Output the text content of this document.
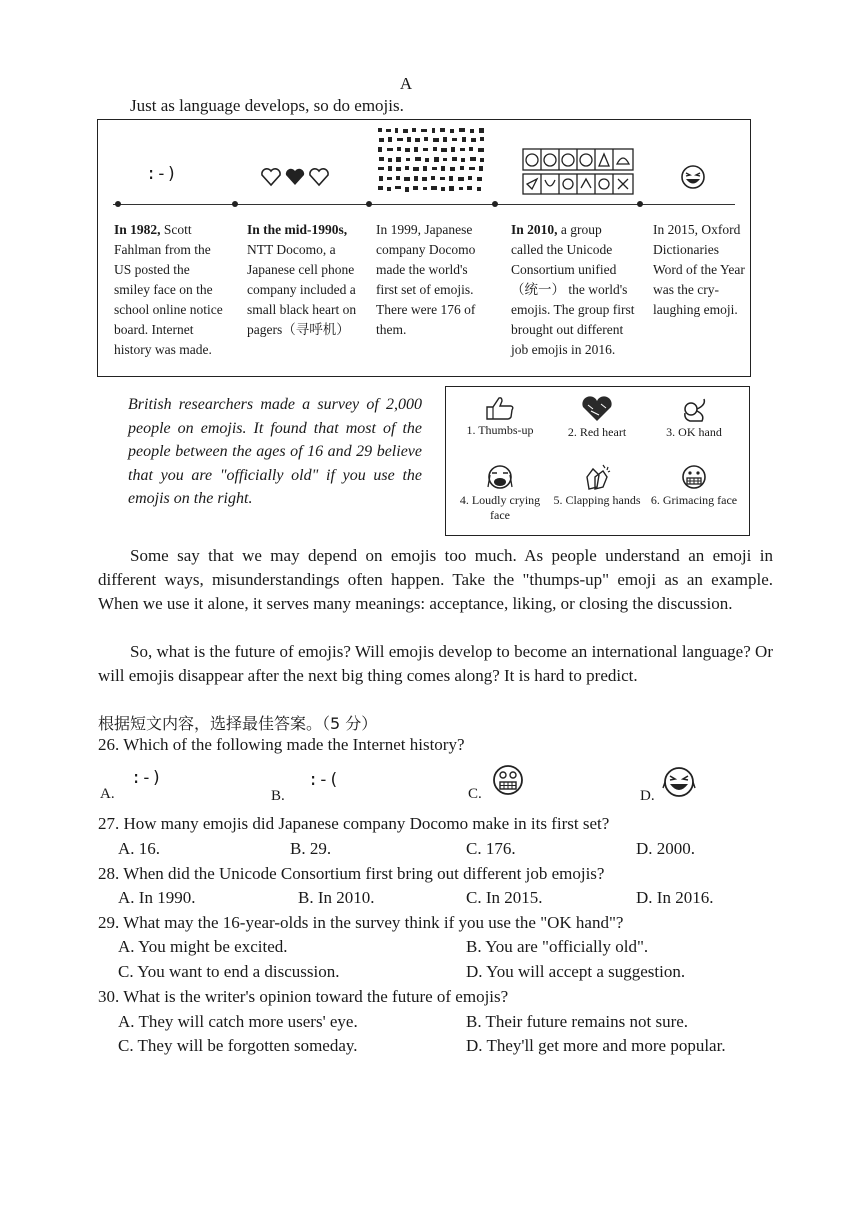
A
Just as language develops, so do emojis.
:-)
In 1982, Scott Fahlman from the US posted the smiley face on the school online notice board. Internet history was made.
In the mid-1990s, NTT Docomo, a Japanese cell phone company included a small black heart on pagers（寻呼机）
In 1999, Japanese company Docomo made the world's first set of emojis. There were 176 of them.
In 2010, a group called the Unicode Consortium unified （统一） the world's emojis. The group first brought out different job emojis in 2016.
In 2015, Oxford Dictionaries Word of the Year was the cry-laughing emoji.
British researchers made a survey of 2,000 people on emojis. It found that most of the people between the ages of 16 and 29 believe that you are "officially old" if you use the emojis on the right.
1. Thumbs-up	2. Red heart	3. OK hand
4. Loudly crying face
5. Clapping hands 6. Grimacing face
Some say that we may depend on emojis too much. As people understand an emoji in different ways, misunderstandings often happen. Take the "thumps-up" emoji as an example. When we use it alone, it serves many meanings: acceptance, liking, or closing the discussion.
So, what is the future of emojis? Will emojis develop to become an international language? Or will emojis disappear after the next big thing comes along? It is hard to predict.
根据短文内容，选择最佳答案。（5 分）
26. Which of the following made the Internet history?
A.
:-)
B.
:-(
C.	D.
27. How many emojis did Japanese company Docomo make in its first set?
A. 16.	B. 29.	C. 176.	D. 2000.
28. When did the Unicode Consortium first bring out different job emojis?
A. In 1990.	B. In 2010.	C. In 2015.	D. In 2016.
29. What may the 16-year-olds in the survey think if you use the "OK hand"?
A. You might be excited.	B. You are "officially old".
C. You want to end a discussion.	D. You will accept a suggestion.
30. What is the writer's opinion toward the future of emojis?
A. They will catch more users' eye.	B. Their future remains not sure.
C. They will be forgotten someday.	D. They'll get more and more popular.
